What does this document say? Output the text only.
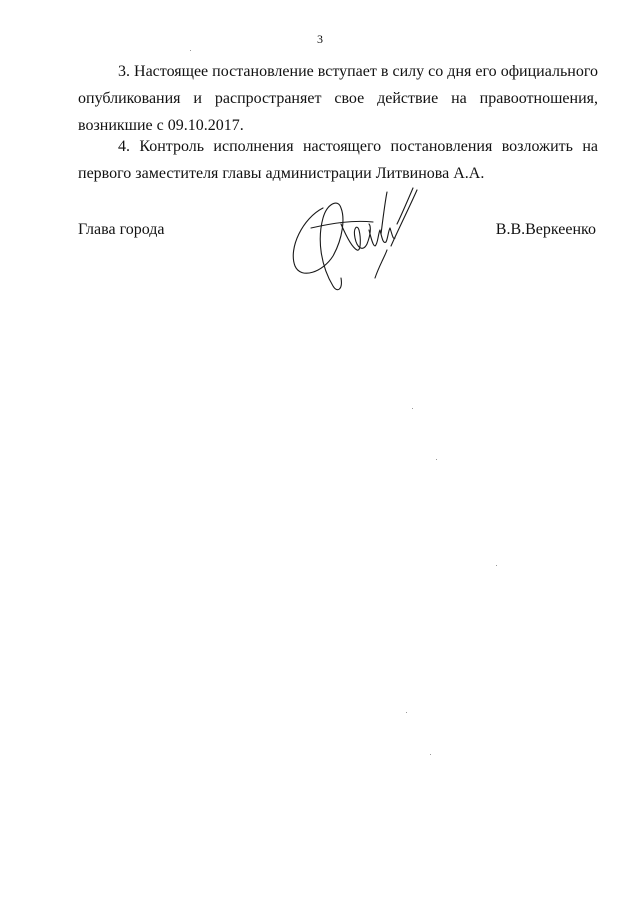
3

3. Настоящее постановление вступает в силу со дня его официального опубликования и распространяет свое действие на правоотношения, возникшие с 09.10.2017.

4. Контроль исполнения настоящего постановления возложить на первого заместителя главы администрации Литвинова А.А.

Глава города	В.В.Веркеенко
